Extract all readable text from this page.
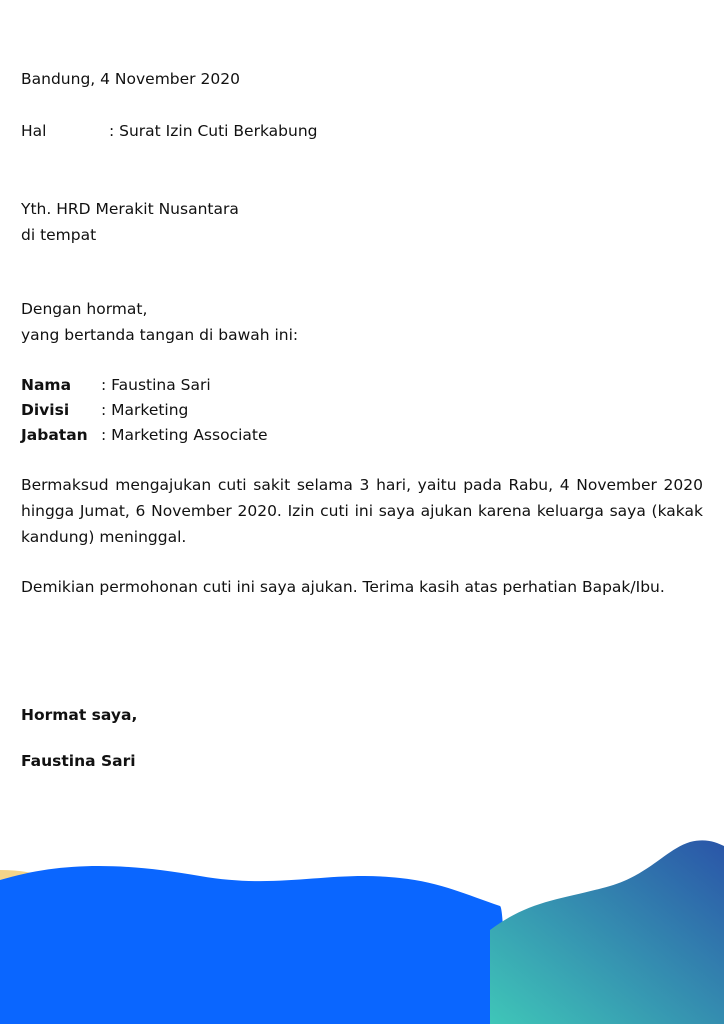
Bandung, 4 November 2020
Hal	: Surat Izin Cuti Berkabung
Yth. HRD Merakit Nusantara
di tempat
Dengan hormat,
yang bertanda tangan di bawah ini:
Nama : Faustina Sari
Divisi : Marketing
Jabatan : Marketing Associate
Bermaksud mengajukan cuti sakit selama 3 hari, yaitu pada Rabu, 4 November 2020 hingga Jumat, 6 November 2020. Izin cuti ini saya ajukan karena keluarga saya (kakak kandung) meninggal.
Demikian permohonan cuti ini saya ajukan. Terima kasih atas perhatian Bapak/Ibu.
Hormat saya,
Faustina Sari
